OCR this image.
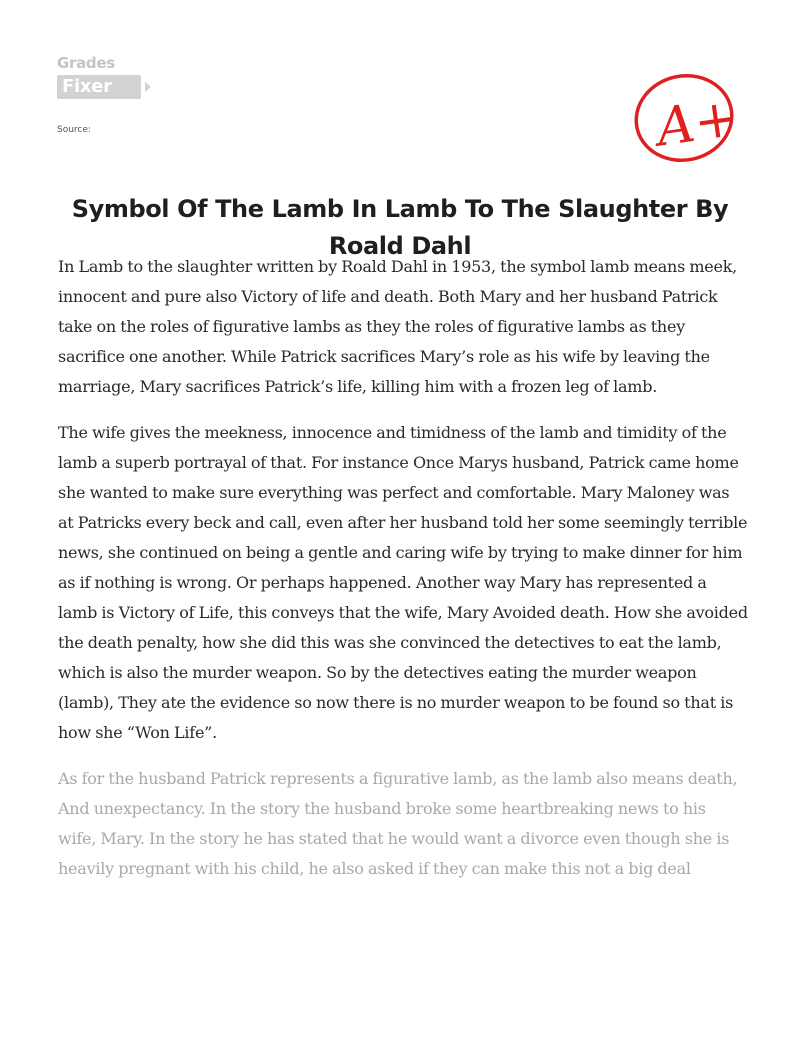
Grades
Fixer
Source:	A+
Symbol Of The Lamb In Lamb To The Slaughter By Roald Dahl

In Lamb to the slaughter written by Roald Dahl in 1953, the symbol lamb means meek, innocent and pure also Victory of life and death. Both Mary and her husband Patrick take on the roles of figurative lambs as they the roles of figurative lambs as they sacrifice one another. While Patrick sacrifices Mary’s role as his wife by leaving the marriage, Mary sacrifices Patrick’s life, killing him with a frozen leg of lamb.

The wife gives the meekness, innocence and timidness of the lamb and timidity of the lamb a superb portrayal of that. For instance Once Marys husband, Patrick came home she wanted to make sure everything was perfect and comfortable. Mary Maloney was at Patricks every beck and call, even after her husband told her some seemingly terrible news, she continued on being a gentle and caring wife by trying to make dinner for him as if nothing is wrong. Or perhaps happened. Another way Mary has represented a lamb is Victory of Life, this conveys that the wife, Mary Avoided death. How she avoided the death penalty, how she did this was she convinced the detectives to eat the lamb, which is also the murder weapon. So by the detectives eating the murder weapon (lamb), They ate the evidence so now there is no murder weapon to be found so that is how she “Won Life”.

As for the husband Patrick represents a figurative lamb, as the lamb also means death, And unexpectancy. In the story the husband broke some heartbreaking news to his wife, Mary. In the story he has stated that he would want a divorce even though she is heavily pregnant with his child, he also asked if they can make this not a big deal
